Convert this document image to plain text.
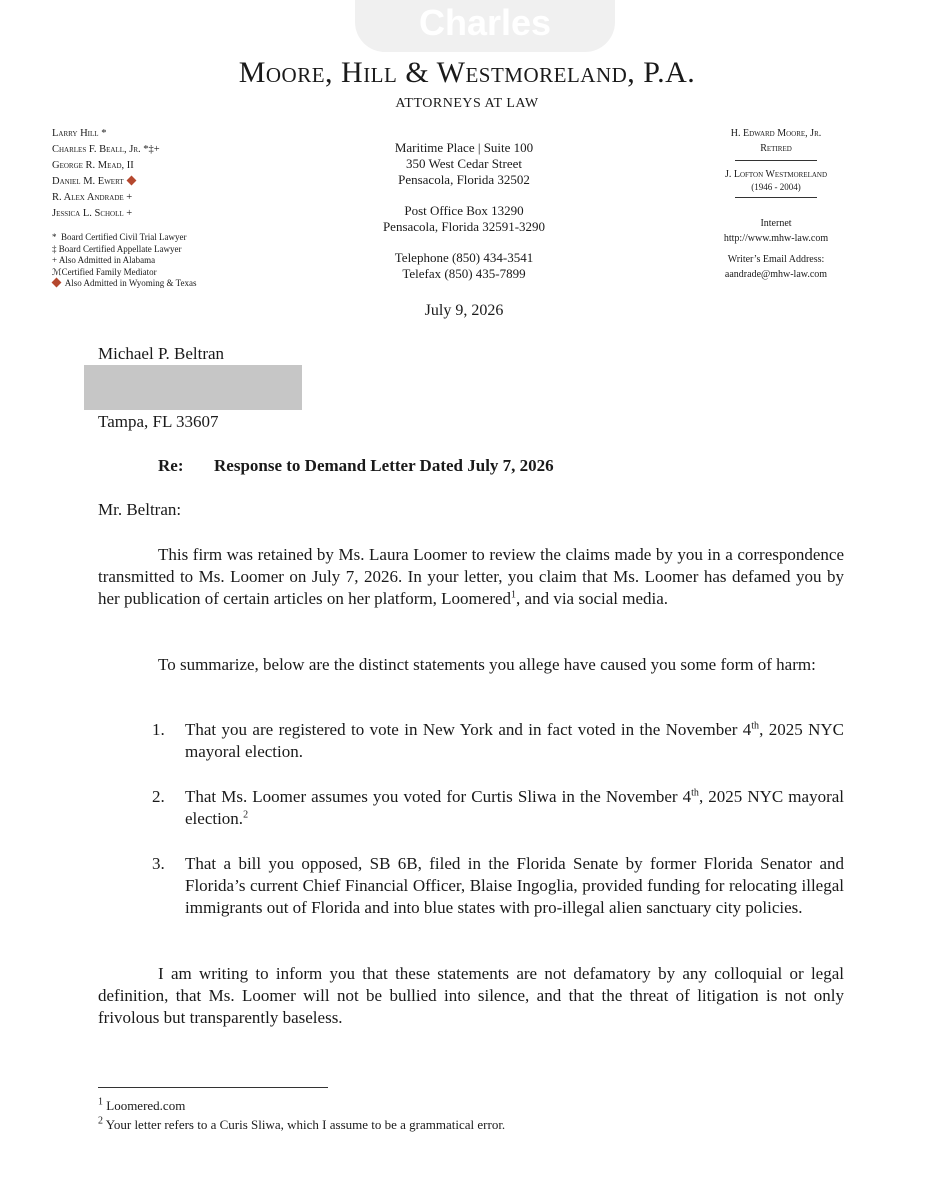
Charles
Moore, Hill & Westmoreland, P.A.
ATTORNEYS AT LAW
Larry Hill *
Charles F. Beall, Jr. *‡+
George R. Mead, II
Daniel M. Ewert
R. Alex Andrade +
Jessica L. Scholl +
* Board Certified Civil Trial Lawyer
‡ Board Certified Appellate Lawyer
+ Also Admitted in Alabama
ℳCertified Family Mediator
Also Admitted in Wyoming & Texas
Maritime Place | Suite 100
350 West Cedar Street
Pensacola, Florida 32502
Post Office Box 13290
Pensacola, Florida 32591-3290
Telephone (850) 434-3541
Telefax (850) 435-7899
July 9, 2026
H. Edward Moore, Jr.
Retired
J. Lofton Westmoreland
(1946 - 2004)
Internet
http://www.mhw-law.com
Writer’s Email Address:
aandrade@mhw-law.com
Michael P. Beltran
Tampa, FL 33607
Re: Response to Demand Letter Dated July 7, 2026
Mr. Beltran:
This firm was retained by Ms. Laura Loomer to review the claims made by you in a correspondence transmitted to Ms. Loomer on July 7, 2026. In your letter, you claim that Ms. Loomer has defamed you by her publication of certain articles on her platform, Loomered$^1$, and via social media.
To summarize, below are the distinct statements you allege have caused you some form of harm:
1.	That you are registered to vote in New York and in fact voted in the November 4th, 2025 NYC mayoral election.
2.	That Ms. Loomer assumes you voted for Curtis Sliwa in the November 4th, 2025 NYC mayoral election.$^2$
3.	That a bill you opposed, SB 6B, filed in the Florida Senate by former Florida Senator and Florida’s current Chief Financial Officer, Blaise Ingoglia, provided funding for relocating illegal immigrants out of Florida and into blue states with pro-illegal alien sanctuary city policies.
I am writing to inform you that these statements are not defamatory by any colloquial or legal definition, that Ms. Loomer will not be bullied into silence, and that the threat of litigation is not only frivolous but transparently baseless.
$^1$ Loomered.com
$^2$ Your letter refers to a Curis Sliwa, which I assume to be a grammatical error.
